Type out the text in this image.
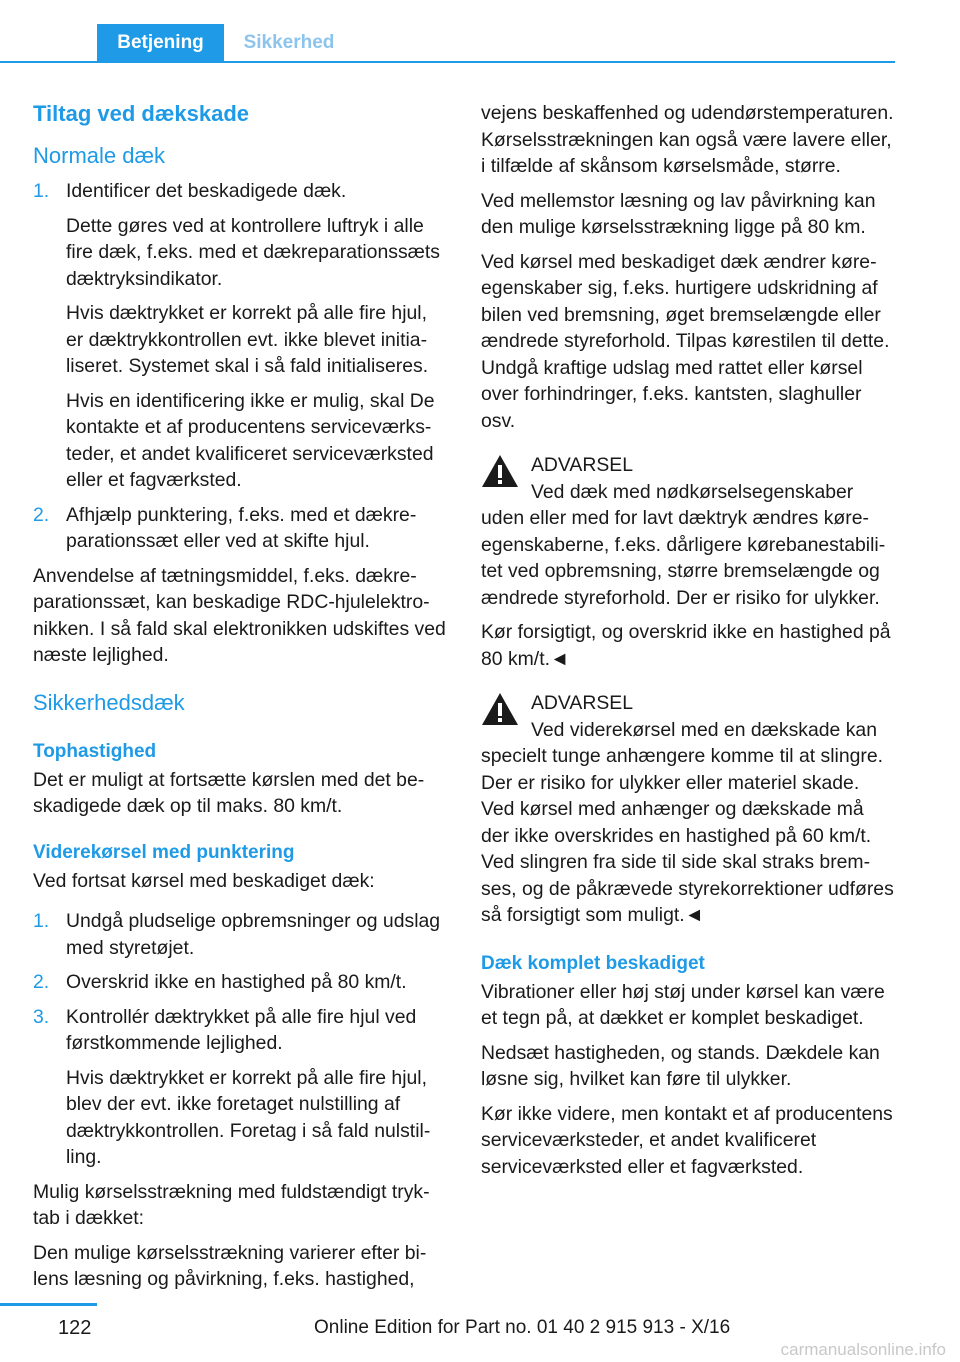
Betjening	Sikkerhed
Tiltag ved dækskade
Normale dæk
1. Identificer det beskadigede dæk.

Dette gøres ved at kontrollere luftryk i alle fire dæk, f.eks. med et dækreparationssæts dæktryksindikator.

Hvis dæktrykket er korrekt på alle fire hjul, er dæktrykkontrollen evt. ikke blevet initialiseret. Systemet skal i så fald initialiseres.

Hvis en identificering ikke er mulig, skal De kontakte et af producentens serviceværksteder, et andet kvalificeret serviceværksted eller et fagværksted.

2. Afhjælp punktering, f.eks. med et dækreparationssæt eller ved at skifte hjul.

Anvendelse af tætningsmiddel, f.eks. dækreparationssæt, kan beskadige RDC-hjulelektronikken. I så fald skal elektronikken udskiftes ved næste lejlighed.

Sikkerhedsdæk
Tophastighed

Det er muligt at fortsætte kørslen med det beskadigede dæk op til maks. 80 km/t.

Viderekørsel med punktering

Ved fortsat kørsel med beskadiget dæk:

1. Undgå pludselige opbremsninger og udslag med styretøjet.

2. Overskrid ikke en hastighed på 80 km/t.

3. Kontrollér dæktrykket på alle fire hjul ved førstkommende lejlighed.

Hvis dæktrykket er korrekt på alle fire hjul, blev der evt. ikke foretaget nulstilling af dæktrykkontrollen. Foretag i så fald nulstilling.

Mulig kørselsstrækning med fuldstændigt tryktab i dækket:

Den mulige kørselsstrækning varierer efter bilens læsning og påvirkning, f.eks. hastighed,

vejens beskaffenhed og udendørstemperaturen. Kørselsstrækningen kan også være lavere eller, i tilfælde af skånsom kørselsmåde, større.

Ved mellemstor læsning og lav påvirkning kan den mulige kørselsstrækning ligge på 80 km.

Ved kørsel med beskadiget dæk ændrer køreegenskaber sig, f.eks. hurtigere udskridning af bilen ved bremsning, øget bremselængde eller ændrede styreforhold. Tilpas kørestilen til dette. Undgå kraftige udslag med rattet eller kørsel over forhindringer, f.eks. kantsten, slaghuller osv.

ADVARSEL

Ved dæk med nødkørselsegenskaber uden eller med for lavt dæktryk ændres køreegenskaberne, f.eks. dårligere kørebanestabilitet ved opbremsning, større bremselængde og ændrede styreforhold. Der er risiko for ulykker.

Kør forsigtigt, og overskrid ikke en hastighed på 80 km/t.◄

ADVARSEL

Ved viderekørsel med en dækskade kan specielt tunge anhængere komme til at slingre. Der er risiko for ulykker eller materiel skade. Ved kørsel med anhænger og dækskade må der ikke overskrides en hastighed på 60 km/t. Ved slingren fra side til side skal straks bremses, og de påkrævede styrekorrektioner udføres så forsigtigt som muligt.◄

Dæk komplet beskadiget

Vibrationer eller høj støj under kørsel kan være et tegn på, at dækket er komplet beskadiget.

Nedsæt hastigheden, og stands. Dækdele kan løsne sig, hvilket kan føre til ulykker.

Kør ikke videre, men kontakt et af producentens serviceværksteder, et andet kvalificeret serviceværksted eller et fagværksted.

122	Online Edition for Part no. 01 40 2 915 913 - X/16
carmanualsonline.info
